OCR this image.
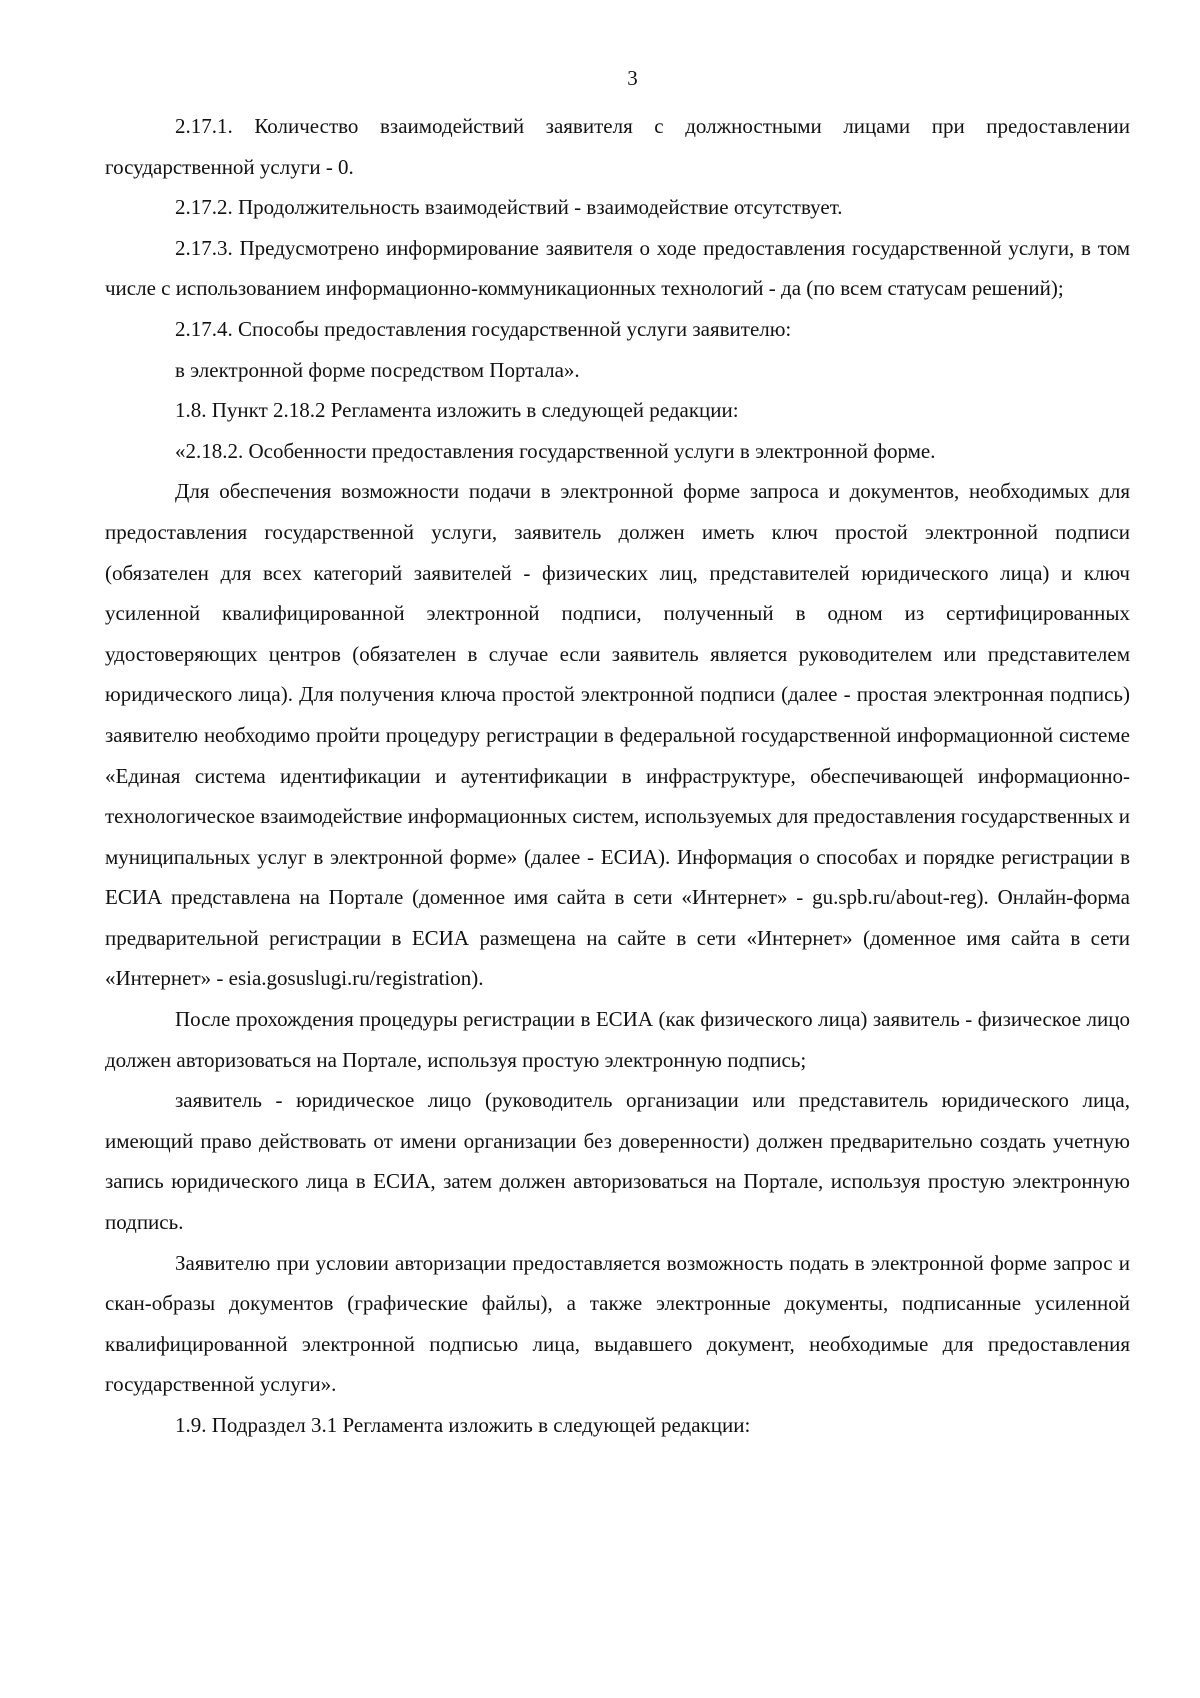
3

2.17.1. Количество взаимодействий заявителя с должностными лицами при предоставлении государственной услуги - 0.

2.17.2. Продолжительность взаимодействий - взаимодействие отсутствует.

2.17.3. Предусмотрено информирование заявителя о ходе предоставления государственной услуги, в том числе с использованием информационно-коммуникационных технологий - да (по всем статусам решений);

2.17.4. Способы предоставления государственной услуги заявителю:

в электронной форме посредством Портала».

1.8. Пункт 2.18.2 Регламента изложить в следующей редакции:

«2.18.2. Особенности предоставления государственной услуги в электронной форме.

Для обеспечения возможности подачи в электронной форме запроса и документов, необходимых для предоставления государственной услуги, заявитель должен иметь ключ простой электронной подписи (обязателен для всех категорий заявителей - физических лиц, представителей юридического лица) и ключ усиленной квалифицированной электронной подписи, полученный в одном из сертифицированных удостоверяющих центров (обязателен в случае если заявитель является руководителем или представителем юридического лица). Для получения ключа простой электронной подписи (далее - простая электронная подпись) заявителю необходимо пройти процедуру регистрации в федеральной государственной информационной системе «Единая система идентификации и аутентификации в инфраструктуре, обеспечивающей информационно-технологическое взаимодействие информационных систем, используемых для предоставления государственных и муниципальных услуг в электронной форме» (далее - ЕСИА). Информация о способах и порядке регистрации в ЕСИА представлена на Портале (доменное имя сайта в сети «Интернет» - gu.spb.ru/about-reg). Онлайн-форма предварительной регистрации в ЕСИА размещена на сайте в сети «Интернет» (доменное имя сайта в сети «Интернет» - esia.gosuslugi.ru/registration).

После прохождения процедуры регистрации в ЕСИА (как физического лица) заявитель - физическое лицо должен авторизоваться на Портале, используя простую электронную подпись;

заявитель - юридическое лицо (руководитель организации или представитель юридического лица, имеющий право действовать от имени организации без доверенности) должен предварительно создать учетную запись юридического лица в ЕСИА, затем должен авторизоваться на Портале, используя простую электронную подпись.

Заявителю при условии авторизации предоставляется возможность подать в электронной форме запрос и скан-образы документов (графические файлы), а также электронные документы, подписанные усиленной квалифицированной электронной подписью лица, выдавшего документ, необходимые для предоставления государственной услуги».

1.9. Подраздел 3.1 Регламента изложить в следующей редакции:
